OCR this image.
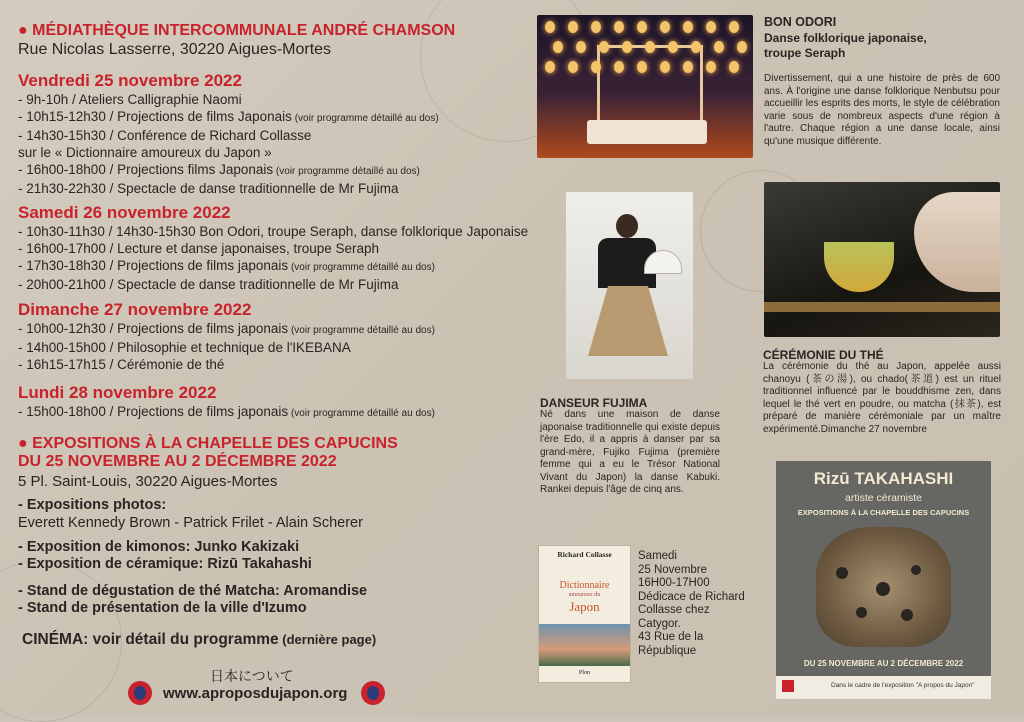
● MÉDIATHÈQUE INTERCOMMUNALE ANDRÉ CHAMSON
Rue Nicolas Lasserre, 30220 Aigues-Mortes
Vendredi 25 novembre 2022
- 9h-10h / Ateliers Calligraphie Naomi
- 10h15-12h30 / Projections de films Japonais (voir programme détaillé au dos)
- 14h30-15h30 / Conférence de Richard Collasse
sur le « Dictionnaire amoureux du Japon »
- 16h00-18h00 / Projections films Japonais (voir programme détaillé au dos)
- 21h30-22h30 / Spectacle de danse traditionnelle de Mr Fujima
Samedi 26 novembre 2022
- 10h30-11h30 / 14h30-15h30 Bon Odori, troupe Seraph, danse folklorique Japonaise
- 16h00-17h00 / Lecture et danse japonaises, troupe Seraph
- 17h30-18h30 / Projections de films japonais (voir programme détaillé au dos)
- 20h00-21h00 / Spectacle de danse traditionnelle de Mr Fujima
Dimanche 27 novembre 2022
- 10h00-12h30 / Projections de films japonais (voir programme détaillé au dos)
- 14h00-15h00 / Philosophie et technique de l'IKEBANA
- 16h15-17h15 / Cérémonie de thé
Lundi 28 novembre 2022
- 15h00-18h00 / Projections de films japonais (voir programme détaillé au dos)
● EXPOSITIONS À LA CHAPELLE DES CAPUCINS
DU 25 NOVEMBRE AU 2 DÉCEMBRE 2022
5 Pl. Saint-Louis, 30220 Aigues-Mortes
- Expositions photos:
Everett Kennedy Brown - Patrick Frilet - Alain Scherer
- Exposition de kimonos: Junko Kakizaki
- Exposition de céramique: Rizū Takahashi
- Stand de dégustation de thé Matcha: Aromandise
- Stand de présentation de la ville d'Izumo
CINÉMA: voir détail du programme (dernière page)
日本について
www.aproposdujapon.org
BON ODORI
Danse folklorique japonaise,
troupe Seraph
Divertissement, qui a une histoire de près de 600 ans. À l'origine une danse folklorique Nenbutsu pour accueillir les esprits des morts, le style de célébration varie sous de nombreux aspects d'une région à l'autre. Chaque région a une danse locale, ainsi qu'une musique différente.
CÉRÉMONIE DU THÉ
La cérémonie du thé au Japon, appelée aussi chanoyu (茶の湯), ou chado(茶道) est un rituel traditionnel influencé par le bouddhisme zen, dans lequel le thé vert en poudre, ou matcha (抹茶), est préparé de manière cérémoniale par un maître expérimenté.Dimanche 27 novembre
DANSEUR FUJIMA
Né dans une maison de danse japonaise traditionnelle qui existe depuis l'ère Edo, il a appris à danser par sa grand-mère, Fujiko Fujima (première femme qui a eu le Trésor National Vivant du Japon) la danse Kabuki. Rankei depuis l'âge de cinq ans.
Richard Collasse
Dictionnaire
amoureux du
Japon
Plon
Samedi
25 Novembre
16H00-17H00
Dédicace de Richard
Collasse chez
Catygor.
43 Rue de la
République
Rizū TAKAHASHI
artiste céramiste
EXPOSITIONS À LA CHAPELLE DES CAPUCINS
DU 25 NOVEMBRE AU 2 DÉCEMBRE 2022
Dans le cadre de l'exposition "A propos du Japon"
